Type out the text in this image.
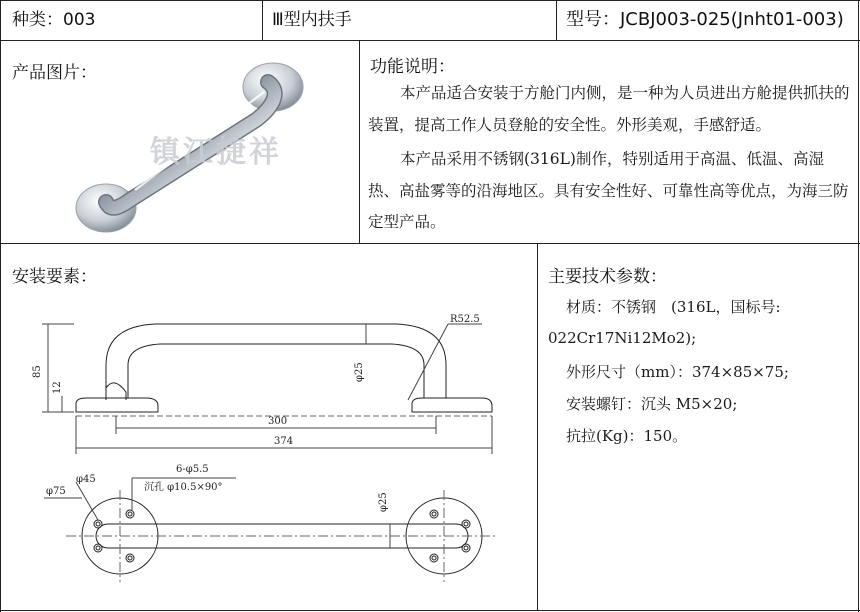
种类：003	Ⅲ型内扶手	型号：JCBJ003-025(Jnht01-003)
产品图片：
镇江捷祥
功能说明：
本产品适合安装于方舱门内侧，是一种为人员进出方舱提供抓扶的装置，提高工作人员登舱的安全性。外形美观，手感舒适。
本产品采用不锈钢(316L)制作，特别适用于高温、低温、高湿热、高盐雾等的沿海地区。具有安全性好、可靠性高等优点，为海三防定型产品。
安装要素：
85
12
300
374
R52.5
φ25
φ75
φ45
6-φ5.5
沉孔 φ10.5×90°
φ25
主要技术参数：
材质：不锈钢　(316L，国标号:
022Cr17Ni12Mo2);
外形尺寸（mm）：374×85×75;
安装螺钉：沉头 M5×20;
抗拉(Kg)：150。
